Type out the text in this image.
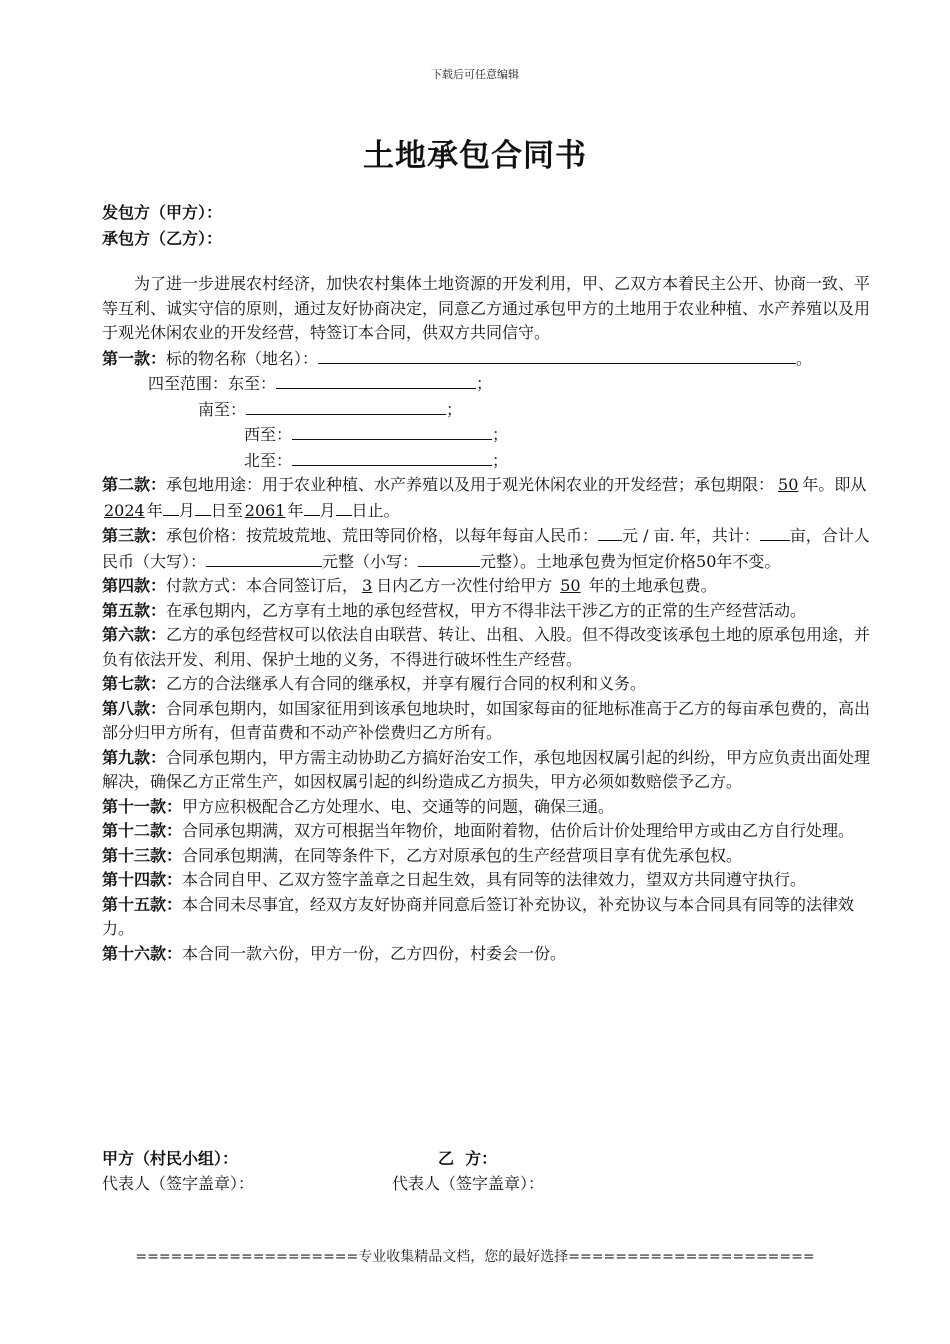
下载后可任意编辑
土地承包合同书
发包方（甲方）：
承包方（乙方）：

为了进一步进展农村经济，加快农村集体土地资源的开发利用，甲、乙双方本着民主公开、协商一致、平等互利、诚实守信的原则，通过友好协商决定，同意乙方通过承包甲方的土地用于农业种植、水产养殖以及用于观光休闲农业的开发经营，特签订本合同，供双方共同信守。

第一款：标的物名称（地名）：	。

四至范围：东至：	；

南至：	；

西至：	；

北至：	；

第二款：承包地用途：用于农业种植、水产养殖以及用于观光休闲农业的开发经营；承包期限： 50 年。即从2024 年 月 日至 2061 年 月 日止。

第三款：承包价格：按荒坡荒地、荒田等同价格，以每年每亩人民币： 元 / 亩. 年，共计： 亩，合计人民币（大写）：	元整（小写：	元整）。土地承包费为恒定价格50年不变。

第四款：付款方式：本合同签订后， 3 日内乙方一次性付给甲方 50 年的土地承包费。

第五款：在承包期内，乙方享有土地的承包经营权，甲方不得非法干涉乙方的正常的生产经营活动。

第六款：乙方的承包经营权可以依法自由联营、转让、出租、入股。但不得改变该承包土地的原承包用途，并负有依法开发、利用、保护土地的义务，不得进行破坏性生产经营。

第七款：乙方的合法继承人有合同的继承权，并享有履行合同的权利和义务。

第八款：合同承包期内，如国家征用到该承包地块时，如国家每亩的征地标准高于乙方的每亩承包费的，高出部分归甲方所有，但青苗费和不动产补偿费归乙方所有。

第九款：合同承包期内，甲方需主动协助乙方搞好治安工作，承包地因权属引起的纠纷，甲方应负责出面处理解决，确保乙方正常生产，如因权属引起的纠纷造成乙方损失，甲方必须如数赔偿予乙方。

第十一款：甲方应积极配合乙方处理水、电、交通等的问题，确保三通。

第十二款：合同承包期满，双方可根据当年物价，地面附着物，估价后计价处理给甲方或由乙方自行处理。

第十三款：合同承包期满，在同等条件下，乙方对原承包的生产经营项目享有优先承包权。

第十四款：本合同自甲、乙双方签字盖章之日起生效，具有同等的法律效力，望双方共同遵守执行。

第十五款：本合同未尽事宜，经双方友好协商并同意后签订补充协议，补充协议与本合同具有同等的法律效力。

第十六款：本合同一款六份，甲方一份，乙方四份，村委会一份。

甲方（村民小组）：	乙  方：
代表人（签字盖章）：	代表人（签字盖章）：
===================专业收集精品文档，您的最好选择=====================
